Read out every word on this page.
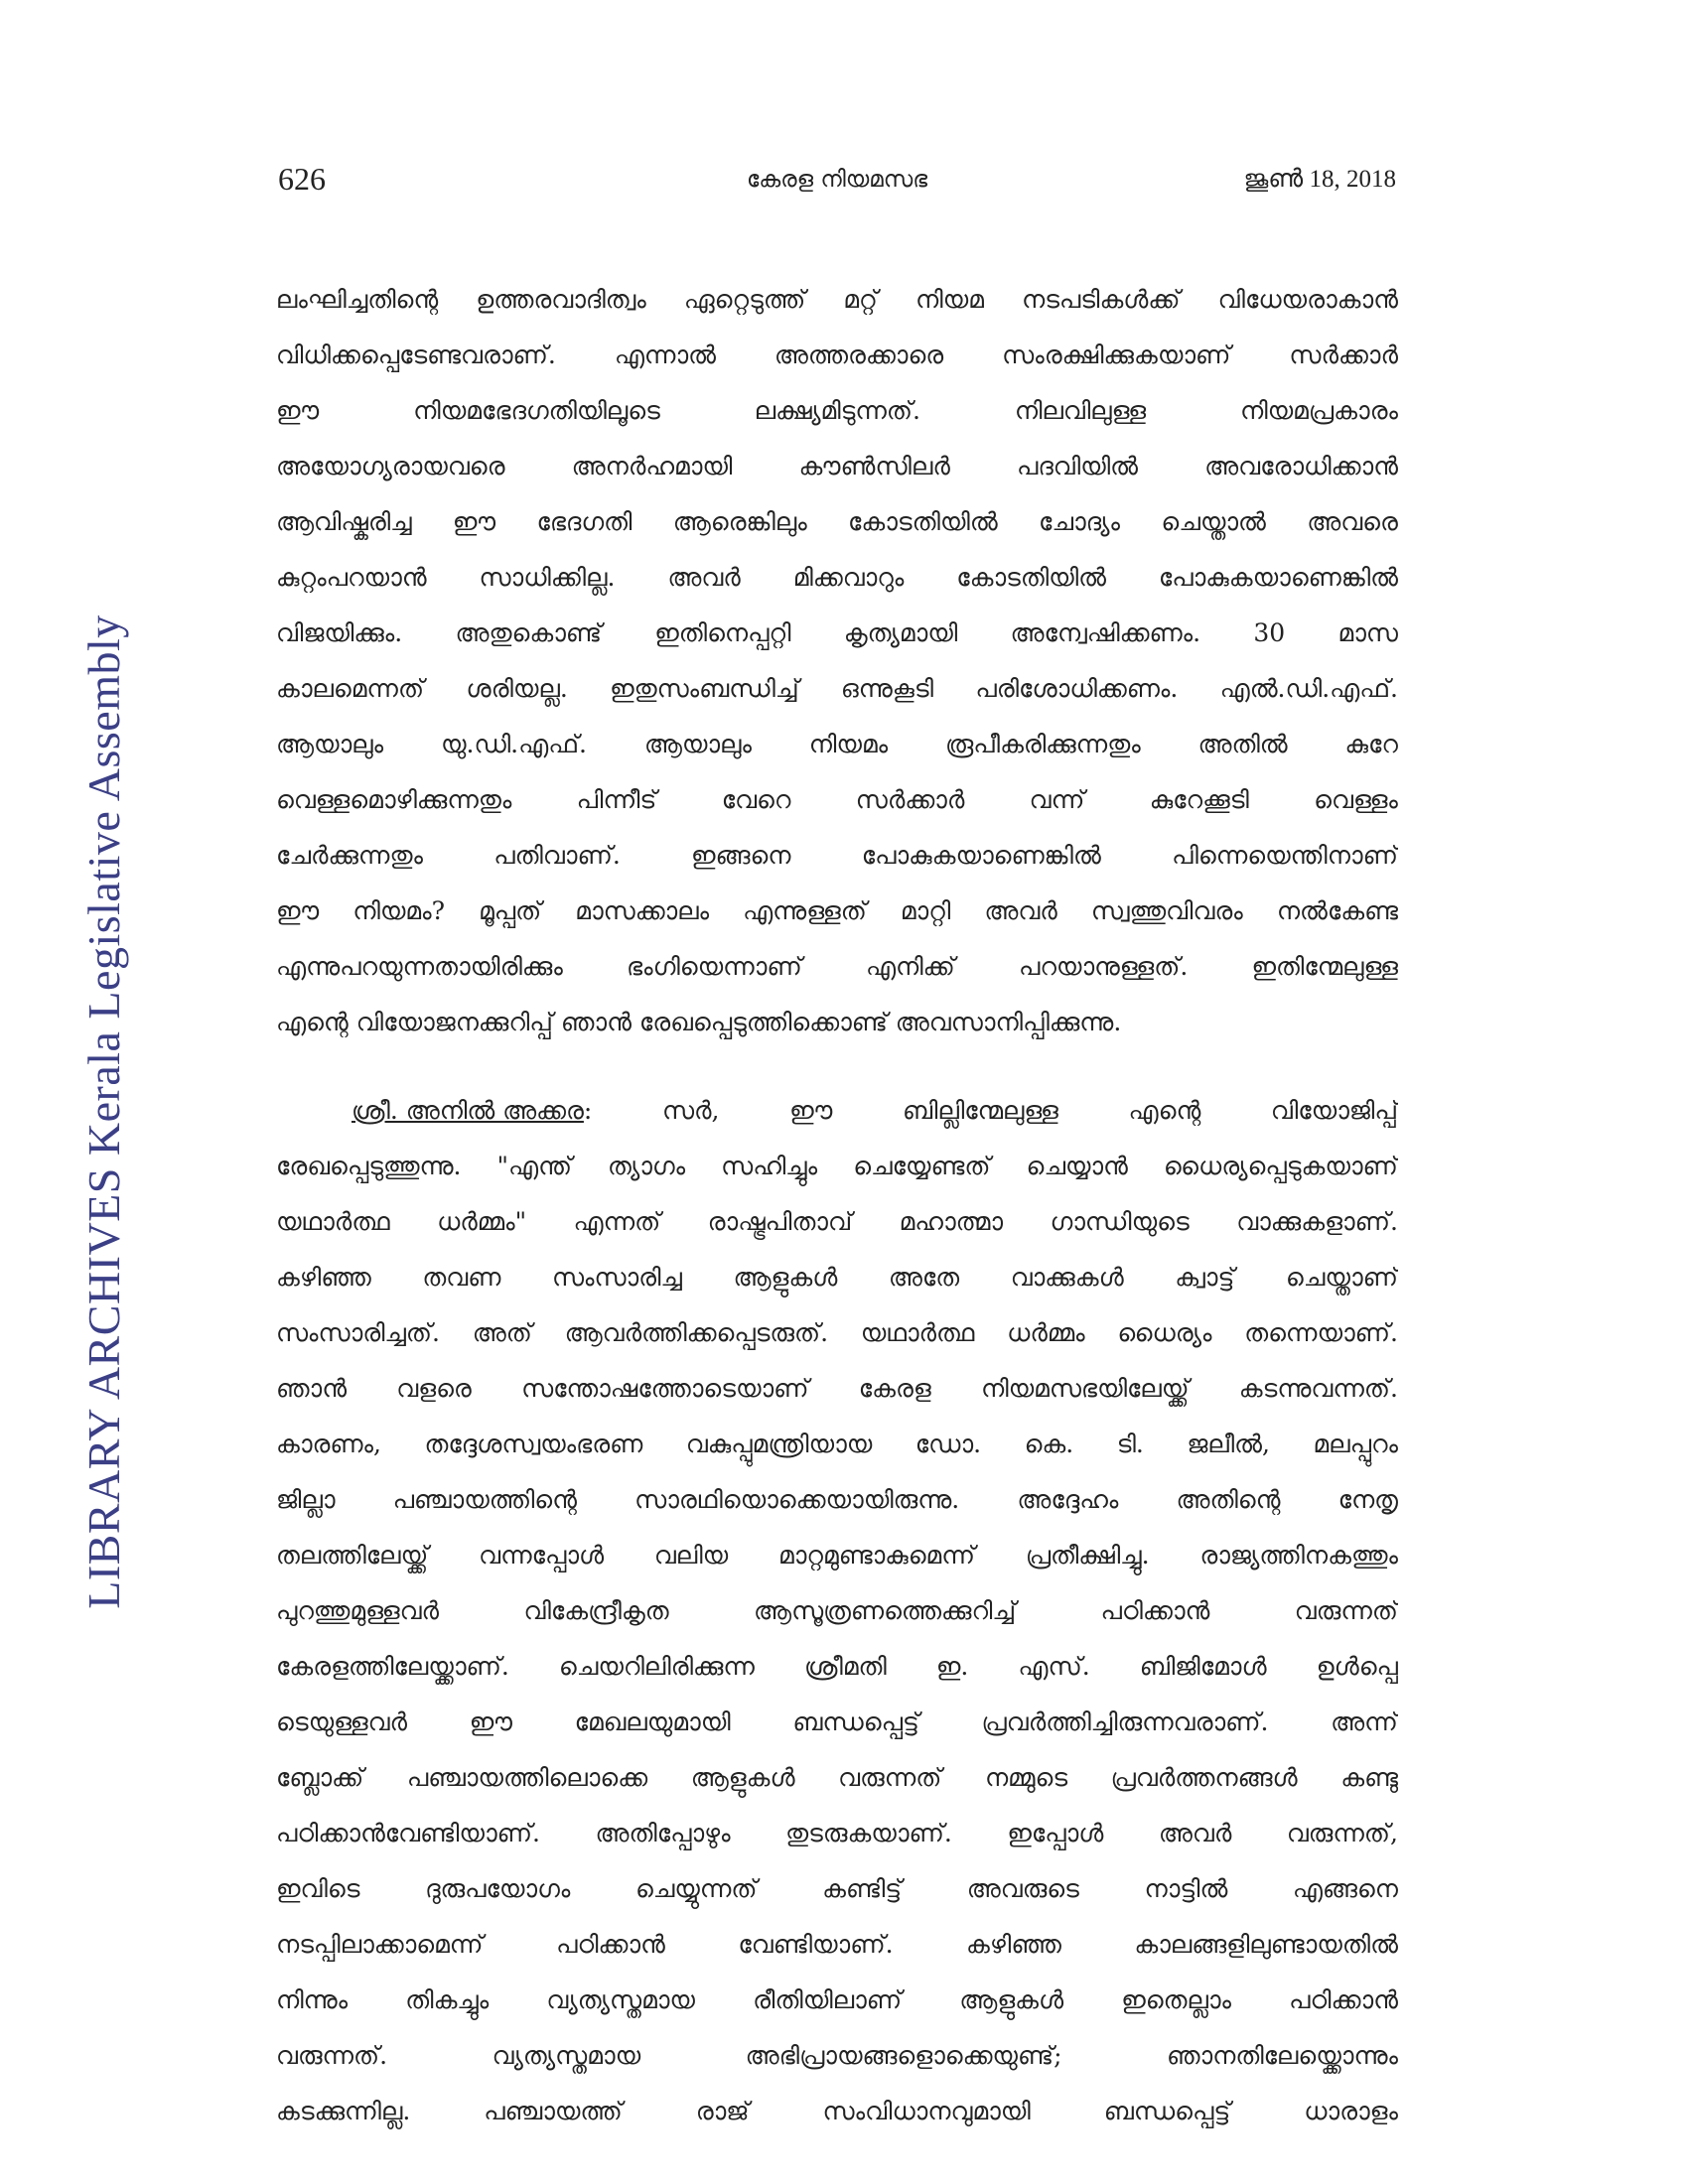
LIBRARY ARCHIVES Kerala Legislative Assembly
626	കേരള നിയമസഭ	ജൂൺ 18, 2018
ലംഘിച്ചതിന്റെ ഉത്തരവാദിത്വം ഏറ്റെടുത്ത് മറ്റ് നിയമ നടപടികൾക്ക് വിധേയരാകാൻ
വിധിക്കപ്പെടേണ്ടവരാണ്. എന്നാൽ അത്തരക്കാരെ സംരക്ഷിക്കുകയാണ് സർക്കാർ
ഈ	നിയമഭേദഗതിയിലൂടെ	ലക്ഷ്യമിടുന്നത്.	നിലവിലുള്ള	നിയമപ്രകാരം
അയോഗ്യരായവരെ	അനർഹമായി	കൗൺസിലർ	പദവിയിൽ	അവരോധിക്കാൻ
ആവിഷ്കരിച്ച ഈ ഭേദഗതി ആരെങ്കിലും കോടതിയിൽ ചോദ്യം ചെയ്താൽ അവരെ
കുറ്റംപറയാൻ സാധിക്കില്ല. അവർ മിക്കവാറും കോടതിയിൽ പോകുകയാണെങ്കിൽ
വിജയിക്കും. അതുകൊണ്ട് ഇതിനെപ്പറ്റി കൃത്യമായി അന്വേഷിക്കണം. 30 മാസ
കാലമെന്നത് ശരിയല്ല. ഇതുസംബന്ധിച്ച് ഒന്നുകൂടി പരിശോധിക്കണം. എൽ.ഡി.എഫ്.
ആയാലും യു.ഡി.എഫ്. ആയാലും നിയമം രൂപീകരിക്കുന്നതും അതിൽ കുറേ
വെള്ളമൊഴിക്കുന്നതും	പിന്നീട്	വേറെ	സർക്കാർ	വന്ന്	കുറേക്കൂടി	വെള്ളം
ചേർക്കുന്നതും	പതിവാണ്.	ഇങ്ങനെ	പോകുകയാണെങ്കിൽ	പിന്നെയെന്തിനാണ്
ഈ നിയമം? മൂപ്പത് മാസക്കാലം എന്നുള്ളത് മാറ്റി അവർ സ്വത്തുവിവരം നൽകേണ്ട
എന്നുപറയുന്നതായിരിക്കും	ഭംഗിയെന്നാണ്	എനിക്ക്	പറയാനുള്ളത്.	ഇതിന്മേലുള്ള
എന്റെ വിയോജനക്കുറിപ്പ് ഞാൻ രേഖപ്പെടുത്തിക്കൊണ്ട് അവസാനിപ്പിക്കുന്നു.
ശ്രീ. അനിൽ അക്കര:	സർ,	ഈ	ബില്ലിന്മേലുള്ള	എന്റെ	വിയോജിപ്പ്
രേഖപ്പെടുത്തുന്നു. "എന്ത് ത്യാഗം സഹിച്ചും ചെയ്യേണ്ടത് ചെയ്യാൻ ധൈര്യപ്പെടുകയാണ്
യഥാർത്ഥ ധർമ്മം" എന്നത് രാഷ്ട്രപിതാവ് മഹാത്മാ ഗാന്ധിയുടെ വാക്കുകളാണ്.
കഴിഞ്ഞ തവണ സംസാരിച്ച ആളുകൾ അതേ വാക്കുകൾ ക്വാട്ട് ചെയ്താണ്
സംസാരിച്ചത്. അത് ആവർത്തിക്കപ്പെടരുത്. യഥാർത്ഥ ധർമ്മം ധൈര്യം തന്നെയാണ്.
ഞാൻ വളരെ സന്തോഷത്തോടെയാണ് കേരള നിയമസഭയിലേയ്ക്ക് കടന്നുവന്നത്.
കാരണം, തദ്ദേശസ്വയംഭരണ വകുപ്പുമന്ത്രിയായ ഡോ. കെ. ടി. ജലീൽ, മലപ്പുറം
ജില്ലാ പഞ്ചായത്തിന്റെ സാരഥിയൊക്കെയായിരുന്നു. അദ്ദേഹം അതിന്റെ നേതൃ
തലത്തിലേയ്ക്ക് വന്നപ്പോൾ വലിയ മാറ്റമുണ്ടാകുമെന്ന് പ്രതീക്ഷിച്ചു. രാജ്യത്തിനകത്തും
പുറത്തുമുള്ളവർ	വികേന്ദ്രീകൃത	ആസൂത്രണത്തെക്കുറിച്ച്	പഠിക്കാൻ	വരുന്നത്
കേരളത്തിലേയ്ക്കാണ്. ചെയറിലിരിക്കുന്ന ശ്രീമതി ഇ. എസ്. ബിജിമോൾ ഉൾപ്പെ
ടെയുള്ളവർ	ഈ	മേഖലയുമായി	ബന്ധപ്പെട്ട്	പ്രവർത്തിച്ചിരുന്നവരാണ്.	അന്ന്
ബ്ലോക്ക് പഞ്ചായത്തിലൊക്കെ ആളുകൾ വരുന്നത് നമ്മുടെ പ്രവർത്തനങ്ങൾ കണ്ടു
പഠിക്കാൻവേണ്ടിയാണ്. അതിപ്പോഴും തുടരുകയാണ്. ഇപ്പോൾ അവർ വരുന്നത്,
ഇവിടെ	ദുരുപയോഗം	ചെയ്യുന്നത്	കണ്ടിട്ട്	അവരുടെ	നാട്ടിൽ	എങ്ങനെ
നടപ്പിലാക്കാമെന്ന്	പഠിക്കാൻ	വേണ്ടിയാണ്.	കഴിഞ്ഞ	കാലങ്ങളിലുണ്ടായതിൽ
നിന്നും തികച്ചും വ്യത്യസ്തമായ രീതിയിലാണ് ആളുകൾ ഇതെല്ലാം പഠിക്കാൻ
വരുന്നത്.	വ്യത്യസ്തമായ	അഭിപ്രായങ്ങളൊക്കെയുണ്ട്;	ഞാനതിലേയ്ക്കൊന്നും
കടക്കുന്നില്ല.	പഞ്ചായത്ത്	രാജ്	സംവിധാനവുമായി	ബന്ധപ്പെട്ട്	ധാരാളം
